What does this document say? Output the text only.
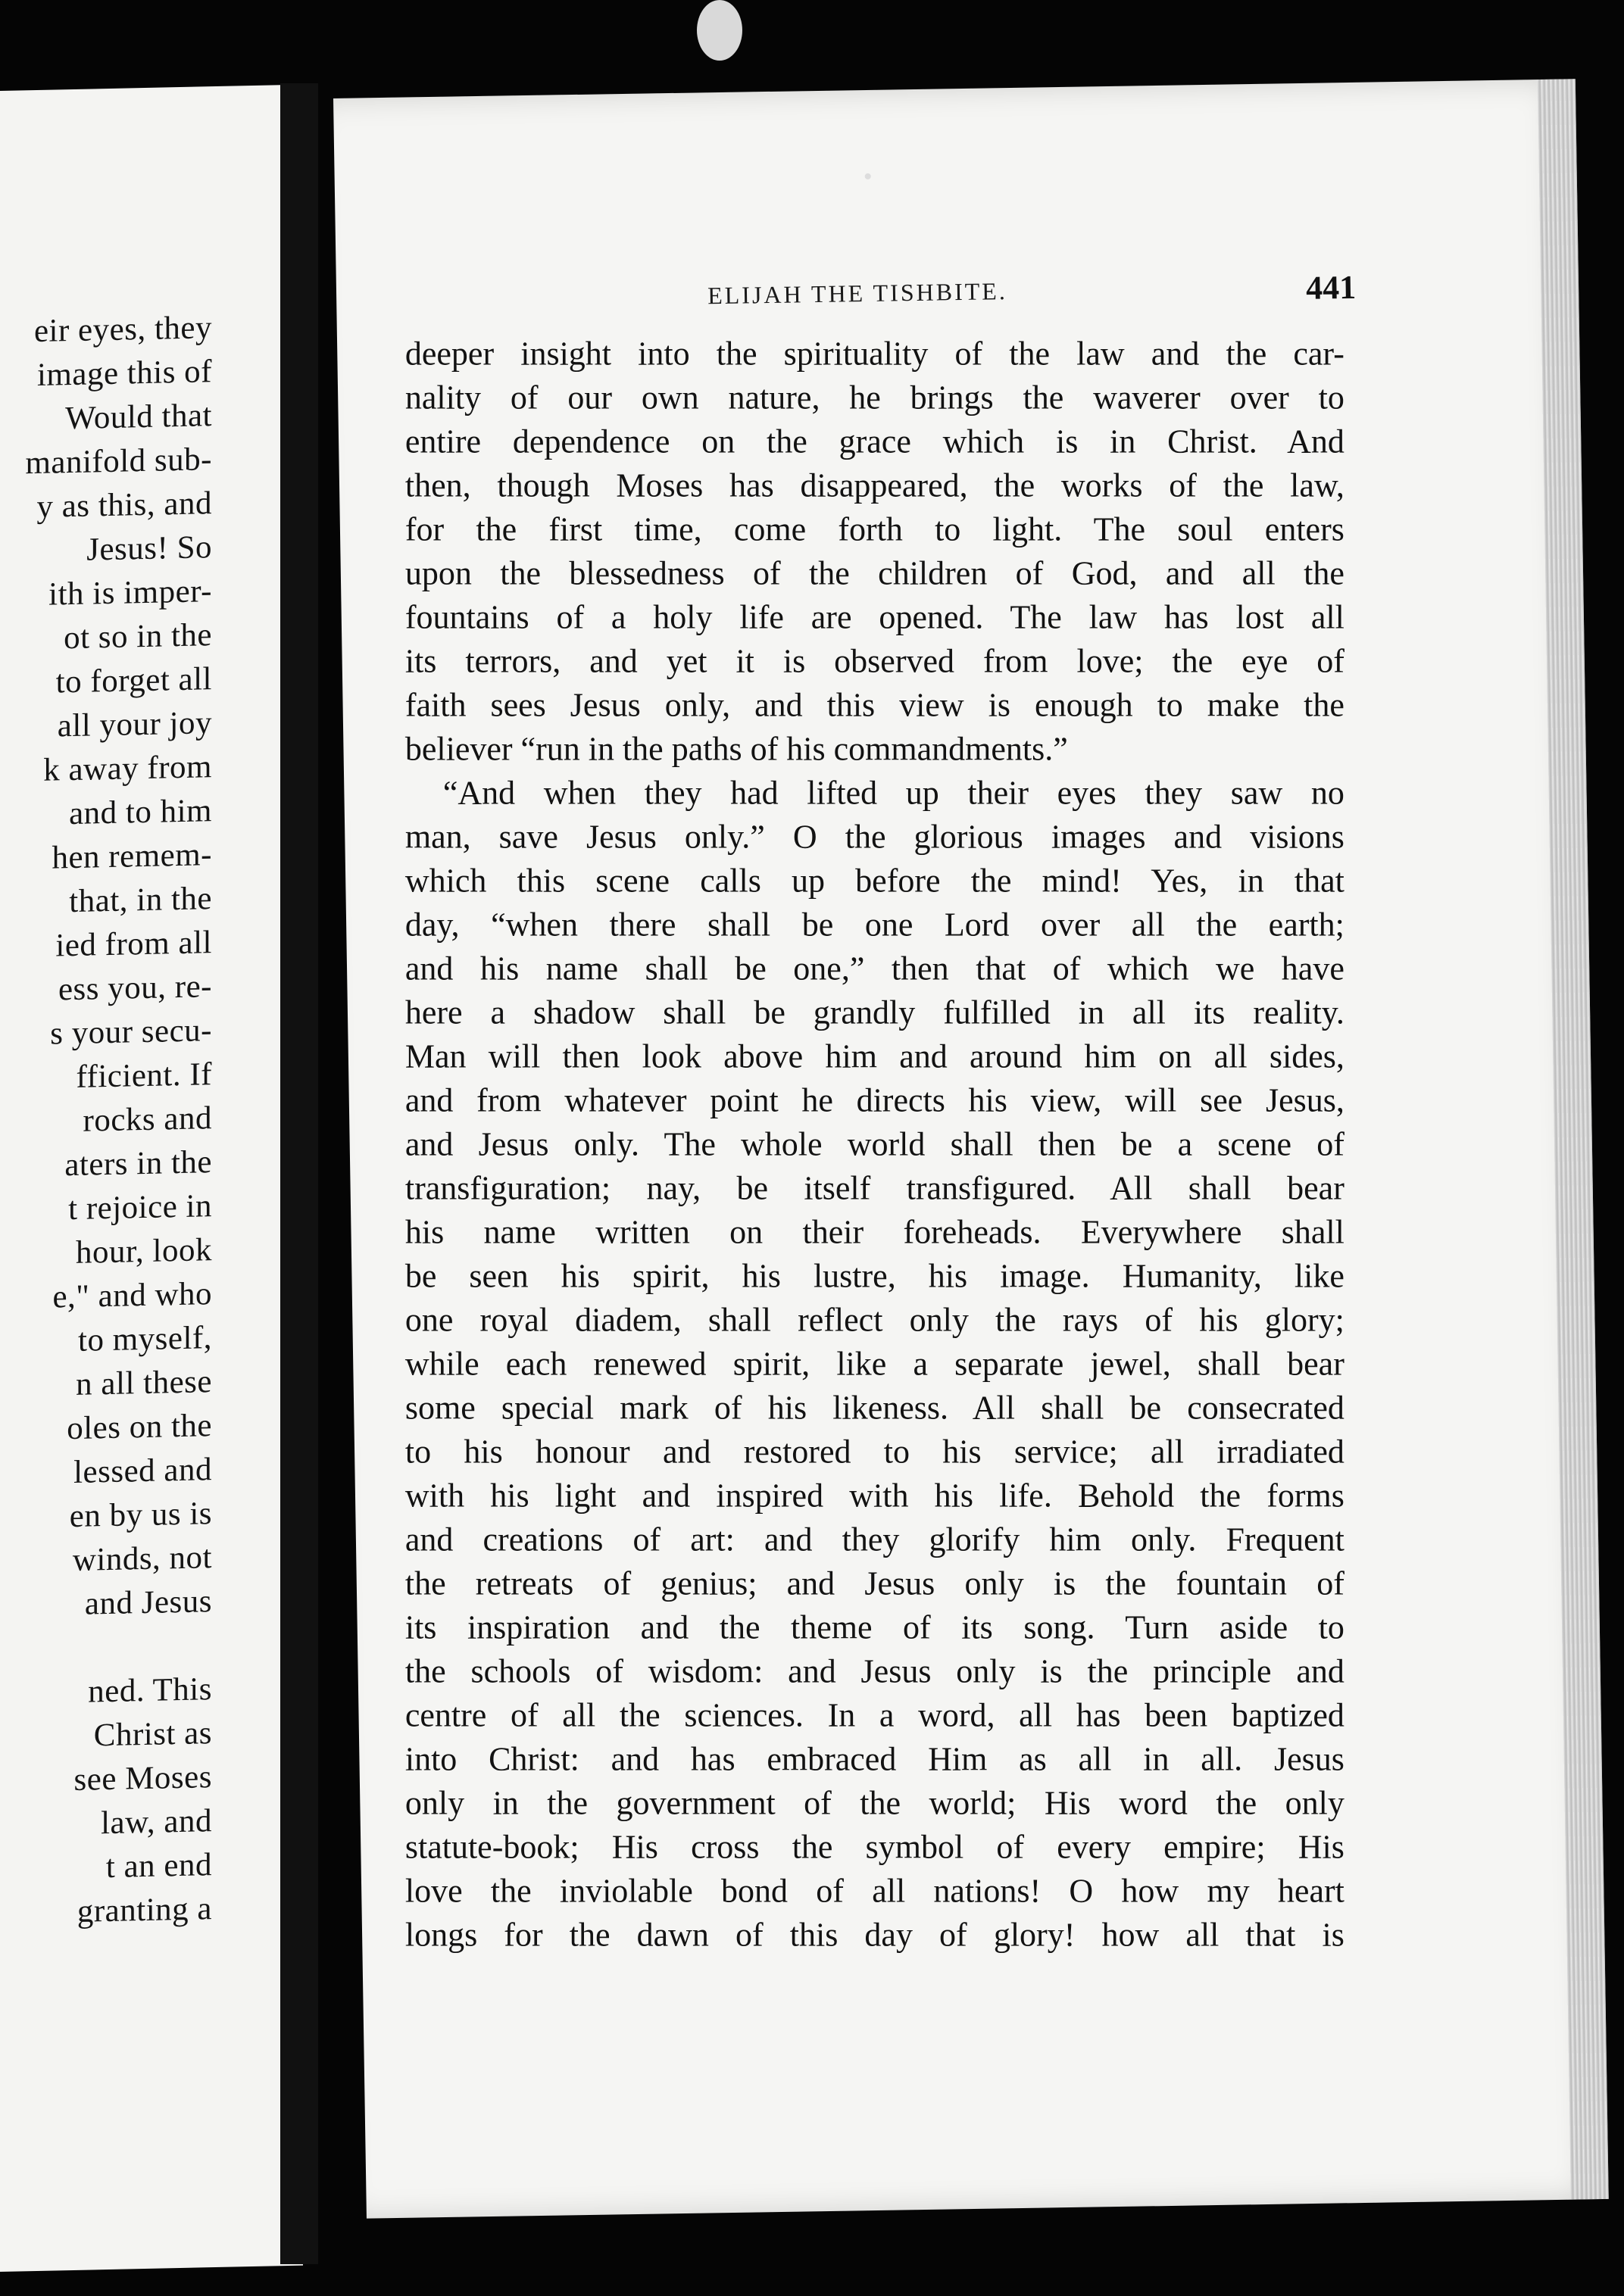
eir eyes, they
image this of
Would that
manifold sub-
y as this, and
Jesus! So
ith is imper-
ot so in the
to forget all
all your joy
k away from
and to him
hen remem-
that, in the
ied from all
ess you, re-
s your secu-
fficient. If
rocks and
aters in the
t rejoice in
hour, look
e," and who
to myself,
n all these
oles on the
lessed and
en by us is
winds, not
and Jesus
ned. This
Christ as
see Moses
law, and
t an end
granting a
ELIJAH THE TISHBITE.	441
deeper insight into the spirituality of the law and the car-
nality of our own nature, he brings the waverer over to
entire dependence on the grace which is in Christ. And
then, though Moses has disappeared, the works of the law,
for the first time, come forth to light. The soul enters
upon the blessedness of the children of God, and all the
fountains of a holy life are opened. The law has lost all
its terrors, and yet it is observed from love; the eye of
faith sees Jesus only, and this view is enough to make the
believer “run in the paths of his commandments.”
“And when they had lifted up their eyes they saw no
man, save Jesus only.” O the glorious images and visions
which this scene calls up before the mind! Yes, in that
day, “when there shall be one Lord over all the earth;
and his name shall be one,” then that of which we have
here a shadow shall be grandly fulfilled in all its reality.
Man will then look above him and around him on all sides,
and from whatever point he directs his view, will see Jesus,
and Jesus only. The whole world shall then be a scene of
transfiguration; nay, be itself transfigured. All shall bear
his name written on their foreheads. Everywhere shall
be seen his spirit, his lustre, his image. Humanity, like
one royal diadem, shall reflect only the rays of his glory;
while each renewed spirit, like a separate jewel, shall bear
some special mark of his likeness. All shall be consecrated
to his honour and restored to his service; all irradiated
with his light and inspired with his life. Behold the forms
and creations of art: and they glorify him only. Frequent
the retreats of genius; and Jesus only is the fountain of
its inspiration and the theme of its song. Turn aside to
the schools of wisdom: and Jesus only is the principle and
centre of all the sciences. In a word, all has been baptized
into Christ: and has embraced Him as all in all. Jesus
only in the government of the world; His word the only
statute-book; His cross the symbol of every empire; His
love the inviolable bond of all nations! O how my heart
longs for the dawn of this day of glory! how all that is
